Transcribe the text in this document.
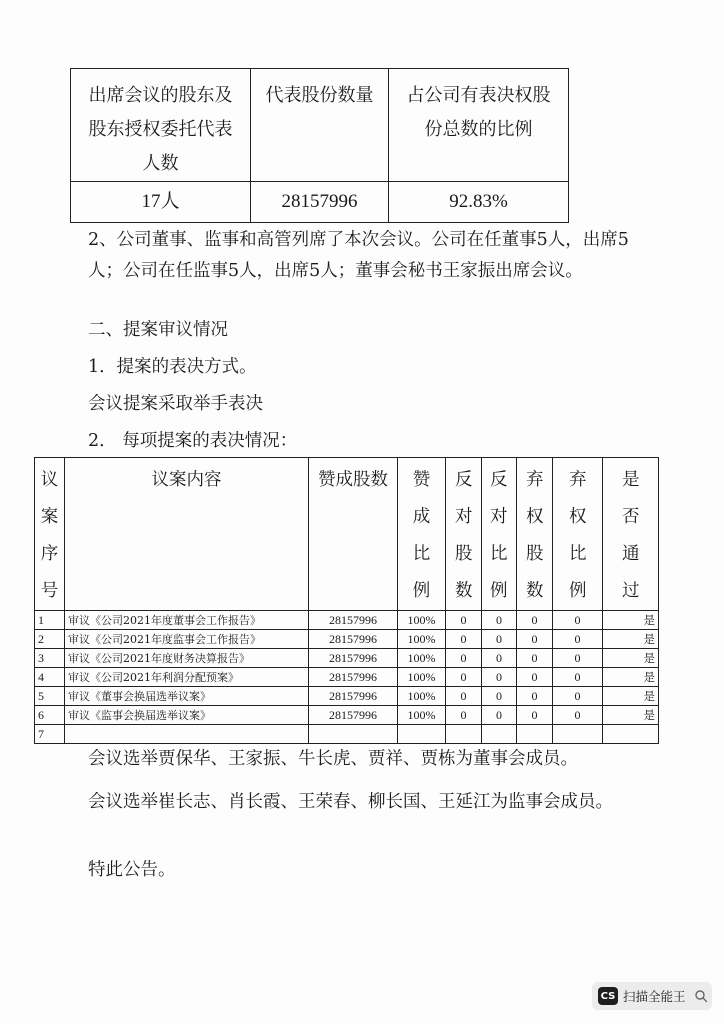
出席会议的股东及股东授权委托代表人数	代表股份数量	占公司有表决权股份总数的比例
17人	28157996	92.83%

2、公司董事、监事和高管列席了本次会议。公司在任董事5人，出席5人；公司在任监事5人，出席5人；董事会秘书王家振出席会议。

二、提案审议情况

1．提案的表决方式。

会议提案采取举手表决

2． 每项提案的表决情况：

议案序号	议案内容	赞成股数	赞成比例	反对股数	反对比例	弃权股数	弃权比例	是否通过

1	审议《公司2021年度董事会工作报告》	28157996	100%	0	0	0	0	是
2	审议《公司2021年度监事会工作报告》	28157996	100%	0	0	0	0	是
3	审议《公司2021年度财务决算报告》	28157996	100%	0	0	0	0	是
4	审议《公司2021年利润分配预案》	28157996	100%	0	0	0	0	是
5	审议《董事会换届选举议案》	28157996	100%	0	0	0	0	是
6	审议《监事会换届选举议案》	28157996	100%	0	0	0	0	是
7								

会议选举贾保华、王家振、牛长虎、贾祥、贾栋为董事会成员。

会议选举崔长志、肖长霞、王荣春、柳长国、王延江为监事会成员。

特此公告。

CS 扫描全能王
